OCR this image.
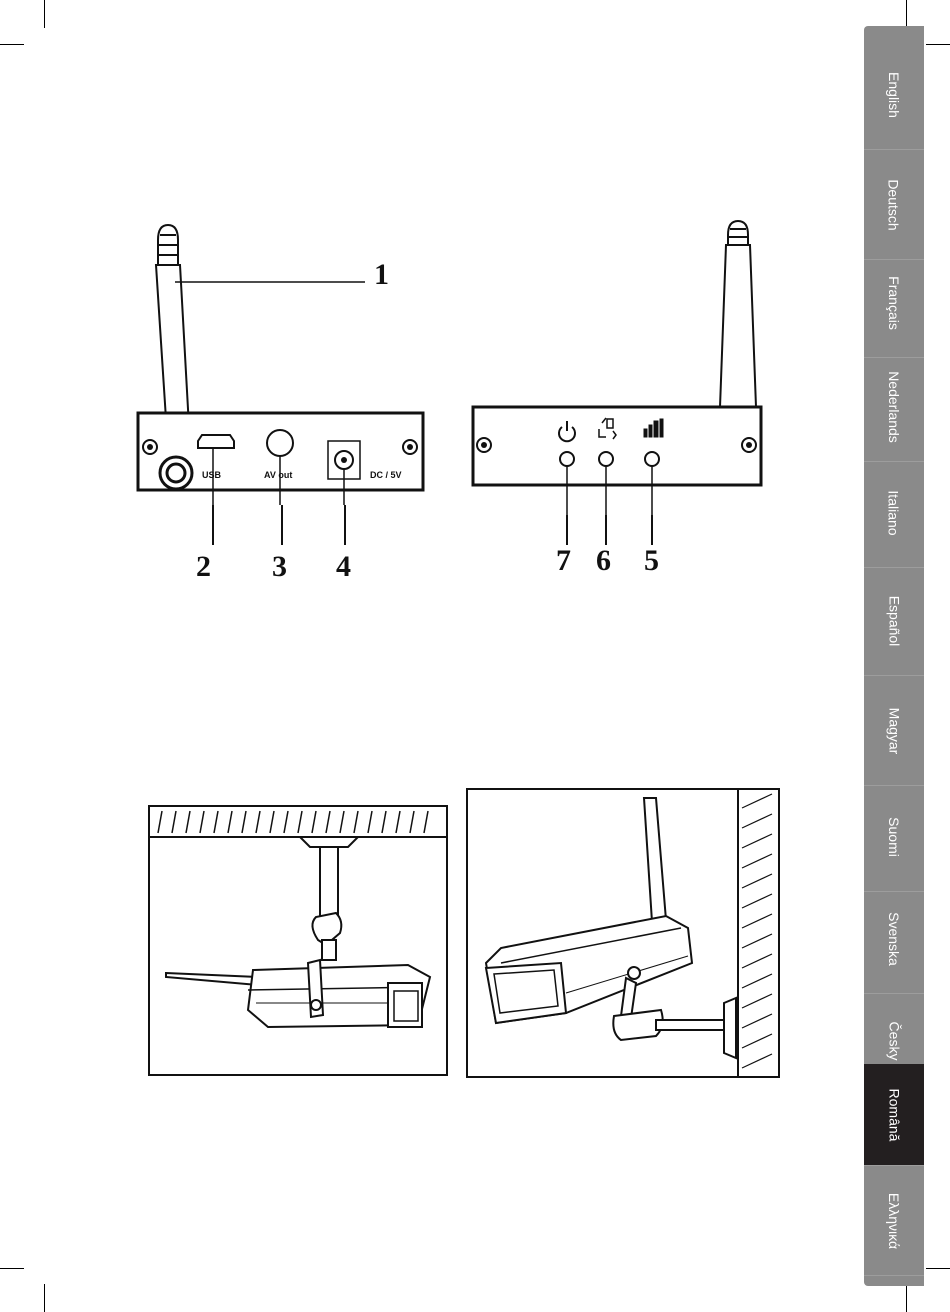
English
Deutsch
Français
Nederlands
Italiano
Español
Magyar
Suomi
Svenska
Česky
Română
Ελληνικά
1
USB	AV out	DC / 5V
2 3 4	7 6 5
